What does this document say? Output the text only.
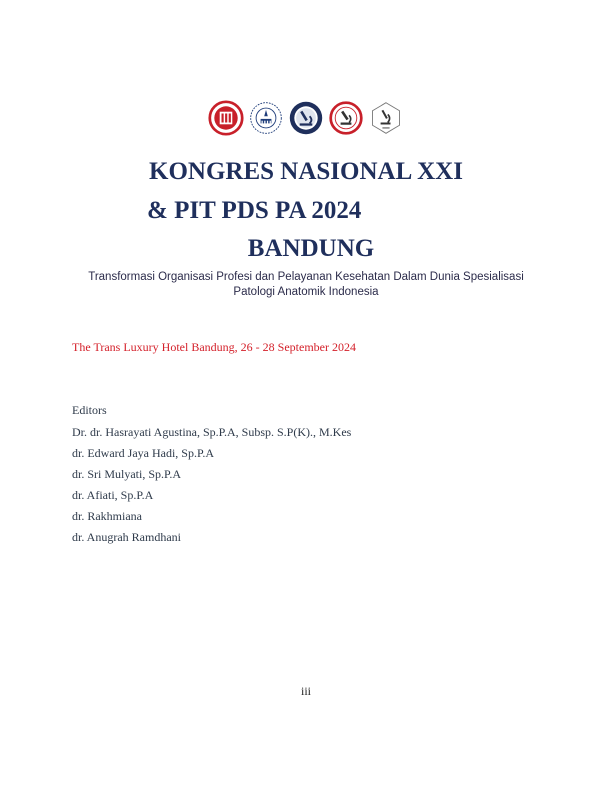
KONGRES NASIONAL XXI
& PIT PDS PA 2024
BANDUNG
Transformasi Organisasi Profesi dan Pelayanan Kesehatan Dalam Dunia Spesialisasi
Patologi Anatomik Indonesia
The Trans Luxury Hotel Bandung, 26 - 28 September 2024
Editors
Dr. dr. Hasrayati Agustina, Sp.P.A, Subsp. S.P(K)., M.Kes
dr. Edward Jaya Hadi, Sp.P.A
dr. Sri Mulyati, Sp.P.A
dr. Afiati, Sp.P.A
dr. Rakhmiana
dr. Anugrah Ramdhani
iii
